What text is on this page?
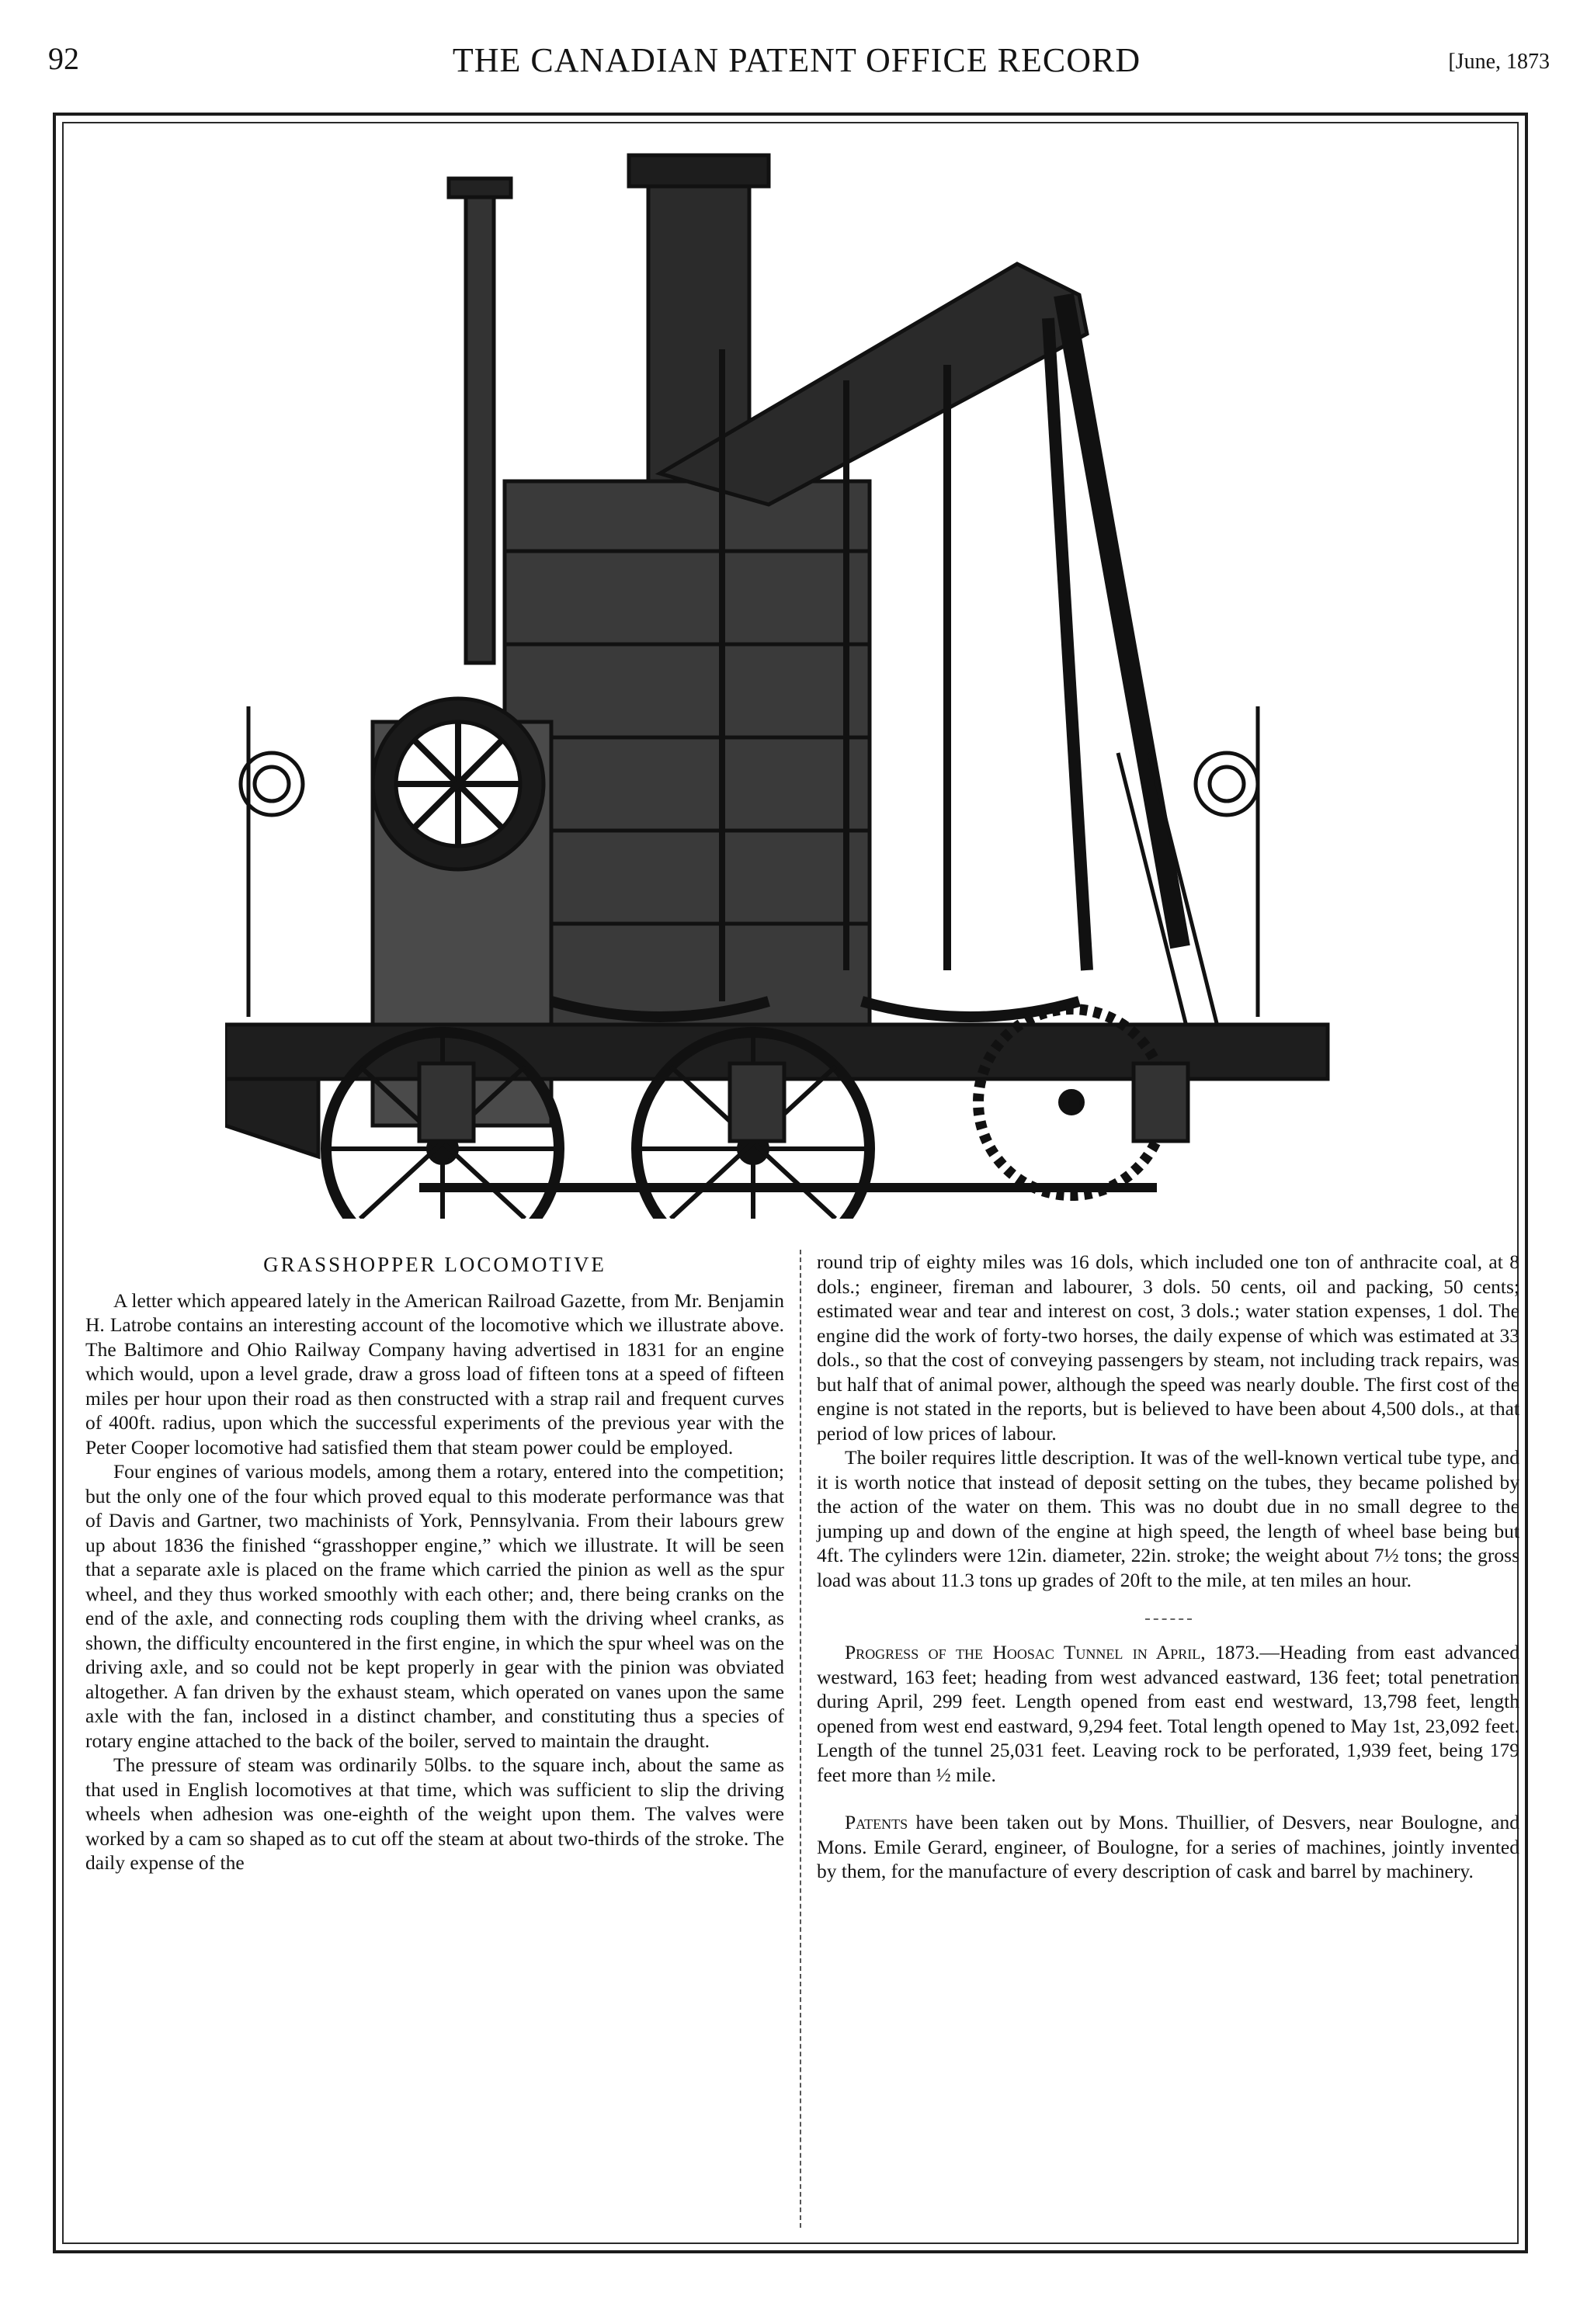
92	THE CANADIAN PATENT OFFICE RECORD	[June, 1873
GRASSHOPPER LOCOMOTIVE

A letter which appeared lately in the American Railroad Gazette, from Mr. Benjamin H. Latrobe contains an interesting account of the locomotive which we illustrate above. The Baltimore and Ohio Railway Company having advertised in 1831 for an engine which would, upon a level grade, draw a gross load of fifteen tons at a speed of fifteen miles per hour upon their road as then constructed with a strap rail and frequent curves of 400ft. radius, upon which the successful experiments of the previous year with the Peter Cooper locomotive had satisfied them that steam power could be employed.

Four engines of various models, among them a rotary, entered into the competition; but the only one of the four which proved equal to this moderate performance was that of Davis and Gartner, two machinists of York, Pennsylvania. From their labours grew up about 1836 the finished “grasshopper engine,” which we illustrate. It will be seen that a separate axle is placed on the frame which carried the pinion as well as the spur wheel, and they thus worked smoothly with each other; and, there being cranks on the end of the axle, and connecting rods coupling them with the driving wheel cranks, as shown, the difficulty encountered in the first engine, in which the spur wheel was on the driving axle, and so could not be kept properly in gear with the pinion was obviated altogether. A fan driven by the exhaust steam, which operated on vanes upon the same axle with the fan, inclosed in a distinct chamber, and constituting thus a species of rotary engine attached to the back of the boiler, served to maintain the draught.

The pressure of steam was ordinarily 50lbs. to the square inch, about the same as that used in English locomotives at that time, which was sufficient to slip the driving wheels when adhesion was one-eighth of the weight upon them. The valves were worked by a cam so shaped as to cut off the steam at about two-thirds of the stroke. The daily expense of the

round trip of eighty miles was 16 dols, which included one ton of anthracite coal, at 8 dols.; engineer, fireman and labourer, 3 dols. 50 cents, oil and packing, 50 cents; estimated wear and tear and interest on cost, 3 dols.; water station expenses, 1 dol. The engine did the work of forty-two horses, the daily expense of which was estimated at 33 dols., so that the cost of conveying passengers by steam, not including track repairs, was but half that of animal power, although the speed was nearly double. The first cost of the engine is not stated in the reports, but is believed to have been about 4,500 dols., at that period of low prices of labour.

The boiler requires little description. It was of the well-known vertical tube type, and it is worth notice that instead of deposit setting on the tubes, they became polished by the action of the water on them. This was no doubt due in no small degree to the jumping up and down of the engine at high speed, the length of wheel base being but 4ft. The cylinders were 12in. diameter, 22in. stroke; the weight about 7½ tons; the gross load was about 11.3 tons up grades of 20ft to the mile, at ten miles an hour.

Progress of the Hoosac Tunnel in April, 1873.—Heading from east advanced westward, 163 feet; heading from west advanced eastward, 136 feet; total penetration during April, 299 feet. Length opened from east end westward, 13,798 feet, length opened from west end eastward, 9,294 feet. Total length opened to May 1st, 23,092 feet. Length of the tunnel 25,031 feet. Leaving rock to be perforated, 1,939 feet, being 179 feet more than ½ mile.

Patents have been taken out by Mons. Thuillier, of Desvers, near Boulogne, and Mons. Emile Gerard, engineer, of Boulogne, for a series of machines, jointly invented by them, for the manufacture of every description of cask and barrel by machinery.
